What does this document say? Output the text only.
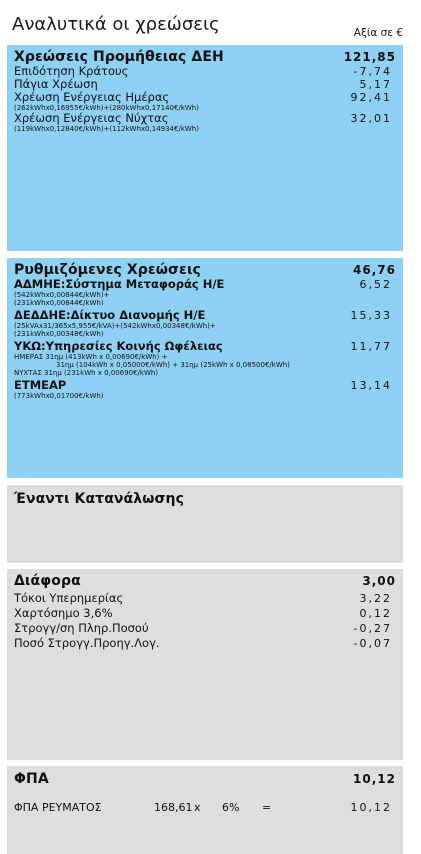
Αναλυτικά οι χρεώσεις	Αξία σε €
Χρεώσεις Προμήθειας ΔΕΗ	121,85
Επιδότηση Κράτους	-7,74
Πάγια Χρέωση	5,17
Χρέωση Ενέργειας Ημέρας	92,41
(262kWhx0,16955€/kWh)+(280kWhx0,17140€/kWh)
Χρέωση Ενέργειας Νύχτας	32,01
(119kWhx0,12840€/kWh)+(112kWhx0,14934€/kWh)
Ρυθμιζόμενες Χρεώσεις	46,76
ΑΔΜΗΕ:Σύστημα Μεταφοράς Η/Ε	6,52
(542kWhx0,00844€/kWh)+
(231kWhx0,00844€/kWh)
ΔΕΔΔΗΕ:Δίκτυο Διανομής Η/Ε	15,33
(25kVAx31/365x5,955€/kVA)+(542kWhx0,00348€/kWh)+
(231kWhx0,00348€/kWh)
ΥΚΩ:Υπηρεσίες Κοινής Ωφέλειας	11,77
ΗΜΕΡΑΣ 31ημ (413kWh x 0,00690€/kWh) +
31ημ (104kWh x 0,05000€/kWh) + 31ημ (25kWh x 0,08500€/kWh)
ΝΥΧΤΑΣ 31ημ (231kWh x 0,00690€/kWh)
ΕΤΜΕΑΡ	13,14
(773kWhx0,01700€/kWh)
Έναντι Κατανάλωσης
Διάφορα	3,00
Τόκοι Υπερημερίας	3,22
Χαρτόσημο 3,6%	0,12
Στρογγ/ση Πληρ.Ποσού	-0,27
Ποσό Στρογγ.Προηγ.Λογ.	-0,07
ΦΠΑ	10,12
ΦΠΑ ΡΕΥΜΑΤΟΣ	168,61 x	6%	=	10,12
